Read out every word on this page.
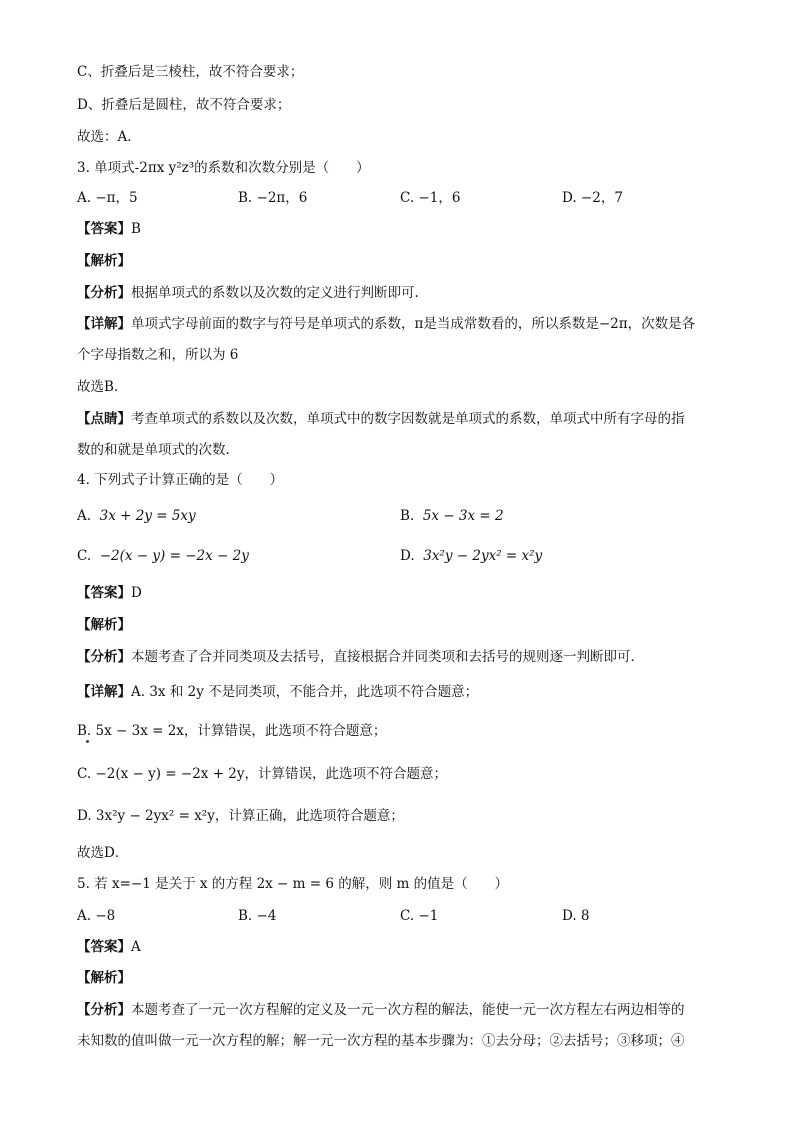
C、折叠后是三棱柱，故不符合要求；
D、折叠后是圆柱，故不符合要求；
故选：A．
3. 单项式-2πx y²z³的系数和次数分别是（　　）
A. −π，5	B. −2π，6	C. −1，6	D. −2，7
【答案】B
【解析】
【分析】根据单项式的系数以及次数的定义进行判断即可.
【详解】单项式字母前面的数字与符号是单项式的系数，π是当成常数看的，所以系数是−2π，次数是各
个字母指数之和，所以为 6
故选B.
【点睛】考查单项式的系数以及次数，单项式中的数字因数就是单项式的系数，单项式中所有字母的指
数的和就是单项式的次数.
4. 下列式子计算正确的是（　　）
A. 3x + 2y = 5xy	B. 5x − 3x = 2
C. −2(x − y) = −2x − 2y	D. 3x²y − 2yx² = x²y
【答案】D
【解析】
【分析】本题考查了合并同类项及去括号，直接根据合并同类项和去括号的规则逐一判断即可．
【详解】A. 3x 和 2y 不是同类项，不能合并，此选项不符合题意；
B. 5x − 3x = 2x，计算错误，此选项不符合题意；
C. −2(x − y) = −2x + 2y，计算错误，此选项不符合题意；
D. 3x²y − 2yx² = x²y，计算正确，此选项符合题意；
故选D．
5. 若 x=−1 是关于 x 的方程 2x − m = 6 的解，则 m 的值是（　　）
A. −8	B. −4	C. −1	D. 8
【答案】A
【解析】
【分析】本题考查了一元一次方程解的定义及一元一次方程的解法，能使一元一次方程左右两边相等的
未知数的值叫做一元一次方程的解；解一元一次方程的基本步骤为：①去分母；②去括号；③移项；④
